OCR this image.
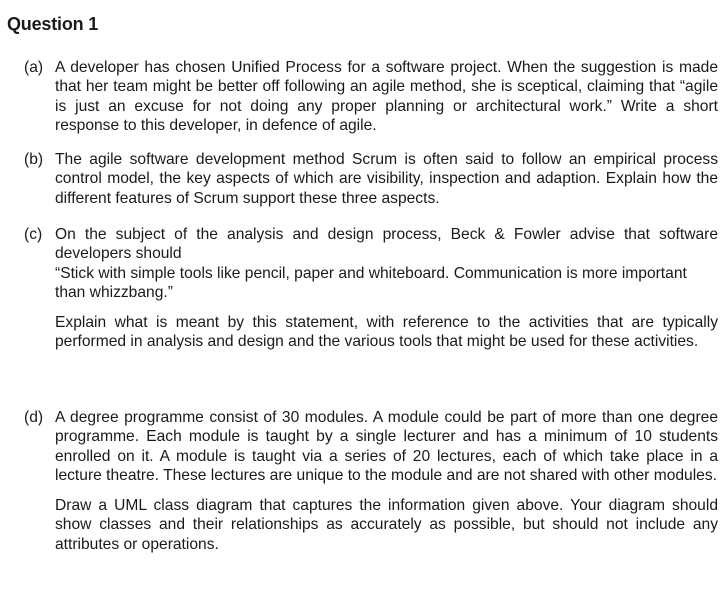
Question 1
(a) A developer has chosen Unified Process for a software project. When the suggestion is made that her team might be better off following an agile method, she is sceptical, claiming that “agile is just an excuse for not doing any proper planning or architectural work.” Write a short response to this developer, in defence of agile.

(b) The agile software development method Scrum is often said to follow an empirical process control model, the key aspects of which are visibility, inspection and adaption. Explain how the different features of Scrum support these three aspects.

(c) On the subject of the analysis and design process, Beck & Fowler advise that software developers should

“Stick with simple tools like pencil, paper and whiteboard. Communication is more important than whizzbang.”

Explain what is meant by this statement, with reference to the activities that are typically performed in analysis and design and the various tools that might be used for these activities.

(d) A degree programme consist of 30 modules. A module could be part of more than one degree programme. Each module is taught by a single lecturer and has a minimum of 10 students enrolled on it. A module is taught via a series of 20 lectures, each of which take place in a lecture theatre. These lectures are unique to the module and are not shared with other modules.

Draw a UML class diagram that captures the information given above. Your diagram should show classes and their relationships as accurately as possible, but should not include any attributes or operations.
